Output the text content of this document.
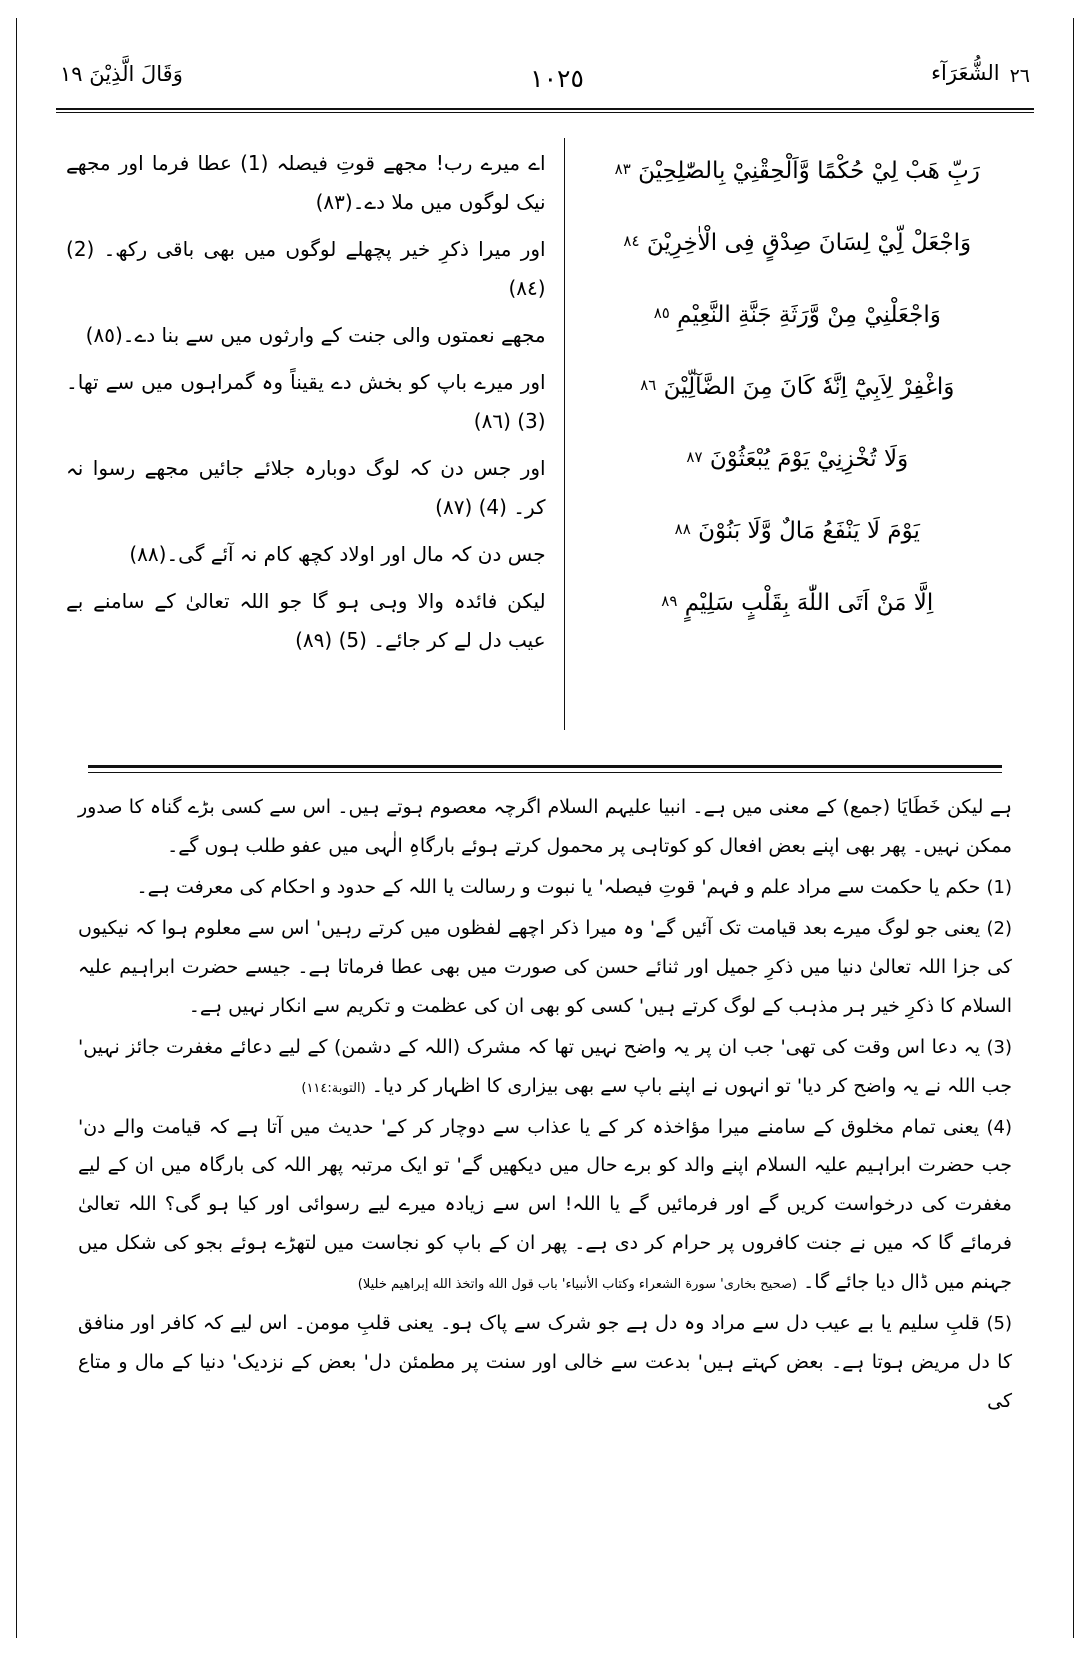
٢٦
الشُّعَرَآء
١٠٢٥
وَقَالَ الَّذِيْنَ ١٩
رَبِّ هَبْ لِيْ حُكْمًا وَّاَلْحِقْنِيْ بِالصّٰلِحِيْنَ ٨٣
وَاجْعَلْ لِّيْ لِسَانَ صِدْقٍ فِى الْاٰخِرِيْنَ ٨٤
وَاجْعَلْنِيْ مِنْ وَّرَثَةِ جَنَّةِ النَّعِيْمِ ٨٥
وَاغْفِرْ لِاَبِيْٓ اِنَّهٗ كَانَ مِنَ الضَّآلِّيْنَ ٨٦
وَلَا تُخْزِنِيْ يَوْمَ يُبْعَثُوْنَ ٨٧
يَوْمَ لَا يَنْفَعُ مَالٌ وَّلَا بَنُوْنَ ٨٨
اِلَّا مَنْ اَتَى اللّٰهَ بِقَلْبٍ سَلِيْمٍ ٨٩
اے میرے رب! مجھے قوتِ فیصلہ (1) عطا فرما اور مجھے نیک لوگوں میں ملا دے۔(٨٣)
اور میرا ذکرِ خیر پچھلے لوگوں میں بھی باقی رکھ۔ (2) (٨٤)
مجھے نعمتوں والی جنت کے وارثوں میں سے بنا دے۔(٨٥)
اور میرے باپ کو بخش دے یقیناً وہ گمراہوں میں سے تھا۔ (3) (٨٦)
اور جس دن کہ لوگ دوبارہ جلائے جائیں مجھے رسوا نہ کر۔ (4) (٨٧)
جس دن کہ مال اور اولاد کچھ کام نہ آئے گی۔(٨٨)
لیکن فائدہ والا وہی ہو گا جو اللہ تعالیٰ کے سامنے بے عیب دل لے کر جائے۔ (5) (٨٩)
ہے لیکن خَطَايَا (جمع) کے معنی میں ہے۔ انبیا علیہم السلام اگرچہ معصوم ہوتے ہیں۔ اس سے کسی بڑے گناہ کا صدور ممکن نہیں۔ پھر بھی اپنے بعض افعال کو کوتاہی پر محمول کرتے ہوئے بارگاہِ الٰہی میں عفو طلب ہوں گے۔
(1) حکم یا حکمت سے مراد علم و فہم' قوتِ فیصلہ' یا نبوت و رسالت یا اللہ کے حدود و احکام کی معرفت ہے۔
(2) یعنی جو لوگ میرے بعد قیامت تک آئیں گے' وہ میرا ذکر اچھے لفظوں میں کرتے رہیں' اس سے معلوم ہوا کہ نیکیوں کی جزا اللہ تعالیٰ دنیا میں ذکرِ جمیل اور ثنائے حسن کی صورت میں بھی عطا فرماتا ہے۔ جیسے حضرت ابراہیم علیہ السلام کا ذکرِ خیر ہر مذہب کے لوگ کرتے ہیں' کسی کو بھی ان کی عظمت و تکریم سے انکار نہیں ہے۔
(3) یہ دعا اس وقت کی تھی' جب ان پر یہ واضح نہیں تھا کہ مشرک (اللہ کے دشمن) کے لیے دعائے مغفرت جائز نہیں' جب اللہ نے یہ واضح کر دیا' تو انہوں نے اپنے باپ سے بھی بیزاری کا اظہار کر دیا۔ (التوبة:١١٤)
(4) یعنی تمام مخلوق کے سامنے میرا مؤاخذہ کر کے یا عذاب سے دوچار کر کے' حدیث میں آتا ہے کہ قیامت والے دن' جب حضرت ابراہیم علیہ السلام اپنے والد کو برے حال میں دیکھیں گے' تو ایک مرتبہ پھر اللہ کی بارگاہ میں ان کے لیے مغفرت کی درخواست کریں گے اور فرمائیں گے یا اللہ! اس سے زیادہ میرے لیے رسوائی اور کیا ہو گی؟ اللہ تعالیٰ فرمائے گا کہ میں نے جنت کافروں پر حرام کر دی ہے۔ پھر ان کے باپ کو نجاست میں لتھڑے ہوئے بجو کی شکل میں جہنم میں ڈال دیا جائے گا۔ (صحیح بخاری' سورة الشعراء وکتاب الأنبیاء' باب قول الله واتخذ الله إبراهيم خليلا)
(5) قلبِ سلیم یا بے عیب دل سے مراد وہ دل ہے جو شرک سے پاک ہو۔ یعنی قلبِ مومن۔ اس لیے کہ کافر اور منافق کا دل مریض ہوتا ہے۔ بعض کہتے ہیں' بدعت سے خالی اور سنت پر مطمئن دل' بعض کے نزدیک' دنیا کے مال و متاع کی
